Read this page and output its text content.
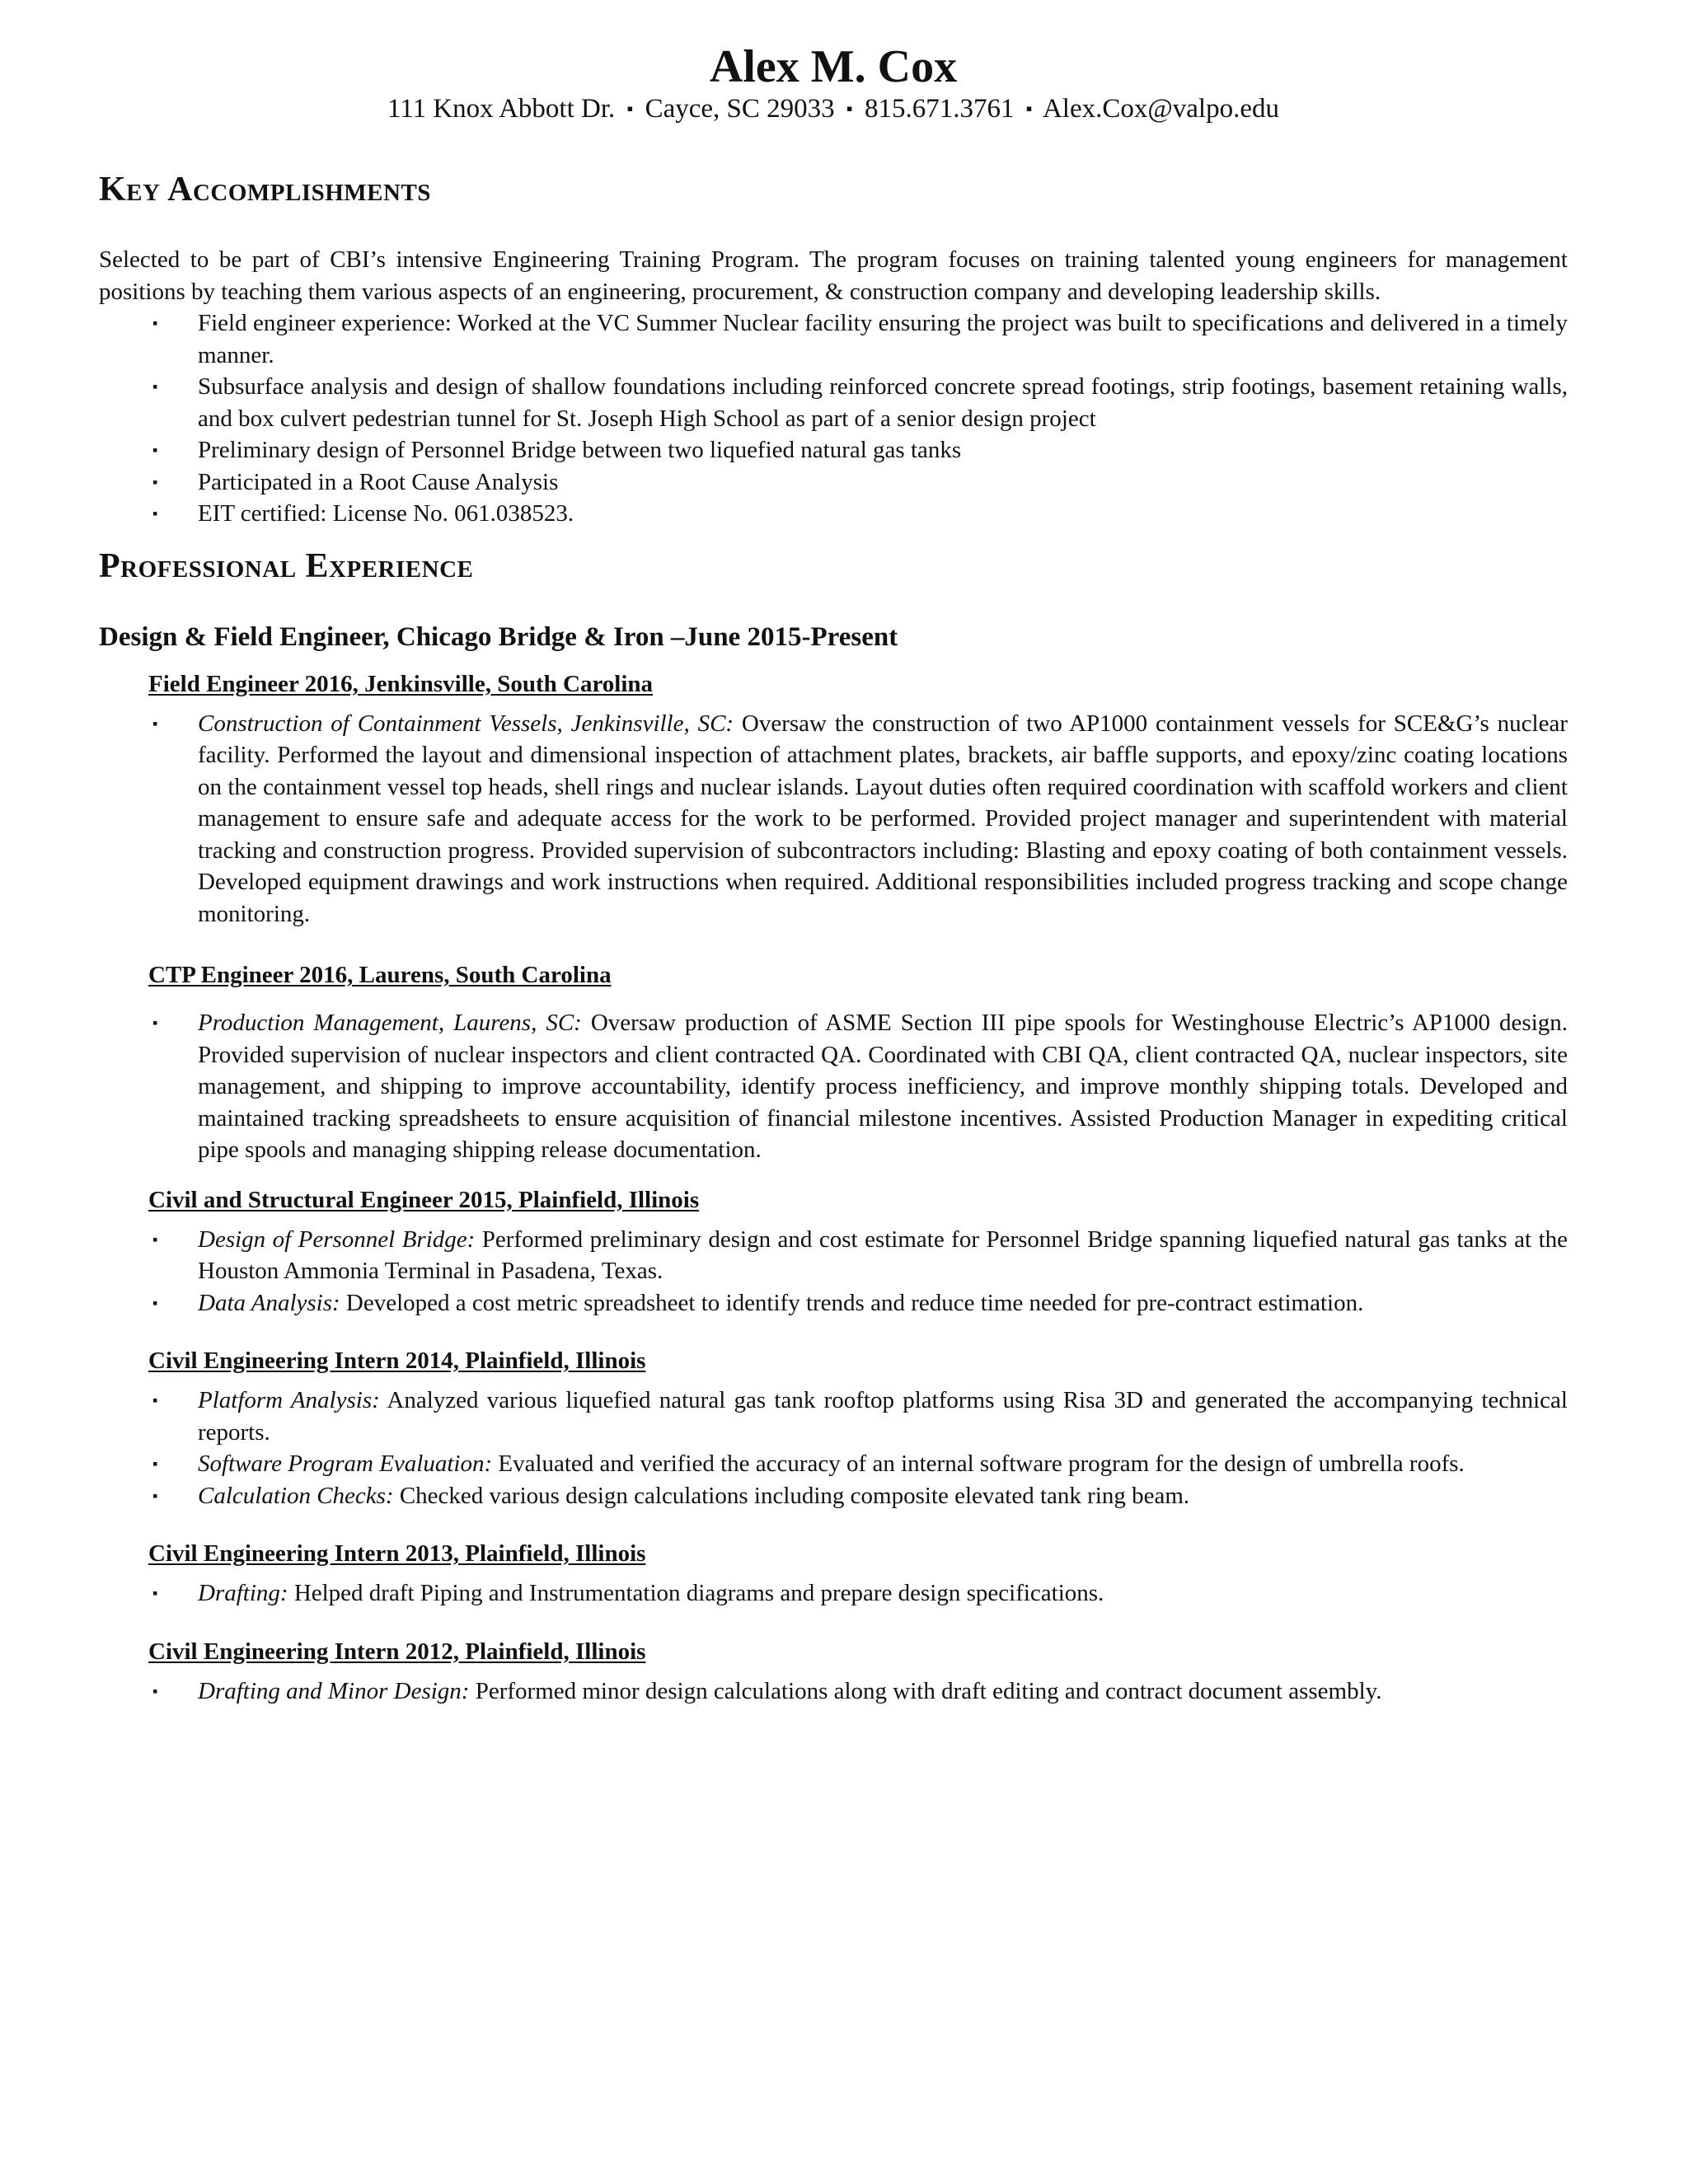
Alex M. Cox

111 Knox Abbott Dr. ▪ Cayce, SC 29033 ▪ 815.671.3761 ▪ Alex.Cox@valpo.edu

Key Accomplishments

Selected to be part of CBI’s intensive Engineering Training Program. The program focuses on training talented young engineers for management positions by teaching them various aspects of an engineering, procurement, & construction company and developing leadership skills.

▪ Field engineer experience: Worked at the VC Summer Nuclear facility ensuring the project was built to specifications and delivered in a timely manner.
▪ Subsurface analysis and design of shallow foundations including reinforced concrete spread footings, strip footings, basement retaining walls, and box culvert pedestrian tunnel for St. Joseph High School as part of a senior design project
▪ Preliminary design of Personnel Bridge between two liquefied natural gas tanks
▪ Participated in a Root Cause Analysis
▪ EIT certified: License No. 061.038523.
Professional Experience

Design & Field Engineer, Chicago Bridge & Iron –June 2015-Present

Field Engineer 2016, Jenkinsville, South Carolina

▪ Construction of Containment Vessels, Jenkinsville, SC: Oversaw the construction of two AP1000 containment vessels for SCE&G’s nuclear facility. Performed the layout and dimensional inspection of attachment plates, brackets, air baffle supports, and epoxy/zinc coating locations on the containment vessel top heads, shell rings and nuclear islands. Layout duties often required coordination with scaffold workers and client management to ensure safe and adequate access for the work to be performed. Provided project manager and superintendent with material tracking and construction progress. Provided supervision of subcontractors including: Blasting and epoxy coating of both containment vessels. Developed equipment drawings and work instructions when required. Additional responsibilities included progress tracking and scope change monitoring.

CTP Engineer 2016, Laurens, South Carolina

▪ Production Management, Laurens, SC: Oversaw production of ASME Section III pipe spools for Westinghouse Electric’s AP1000 design. Provided supervision of nuclear inspectors and client contracted QA. Coordinated with CBI QA, client contracted QA, nuclear inspectors, site management, and shipping to improve accountability, identify process inefficiency, and improve monthly shipping totals. Developed and maintained tracking spreadsheets to ensure acquisition of financial milestone incentives. Assisted Production Manager in expediting critical pipe spools and managing shipping release documentation.

Civil and Structural Engineer 2015, Plainfield, Illinois

▪ Design of Personnel Bridge: Performed preliminary design and cost estimate for Personnel Bridge spanning liquefied natural gas tanks at the Houston Ammonia Terminal in Pasadena, Texas.
▪ Data Analysis: Developed a cost metric spreadsheet to identify trends and reduce time needed for pre-contract estimation.

Civil Engineering Intern 2014, Plainfield, Illinois

▪ Platform Analysis: Analyzed various liquefied natural gas tank rooftop platforms using Risa 3D and generated the accompanying technical reports.
▪ Software Program Evaluation: Evaluated and verified the accuracy of an internal software program for the design of umbrella roofs.
▪ Calculation Checks: Checked various design calculations including composite elevated tank ring beam.

Civil Engineering Intern 2013, Plainfield, Illinois

▪ Drafting: Helped draft Piping and Instrumentation diagrams and prepare design specifications.

Civil Engineering Intern 2012, Plainfield, Illinois

▪ Drafting and Minor Design: Performed minor design calculations along with draft editing and contract document assembly.
